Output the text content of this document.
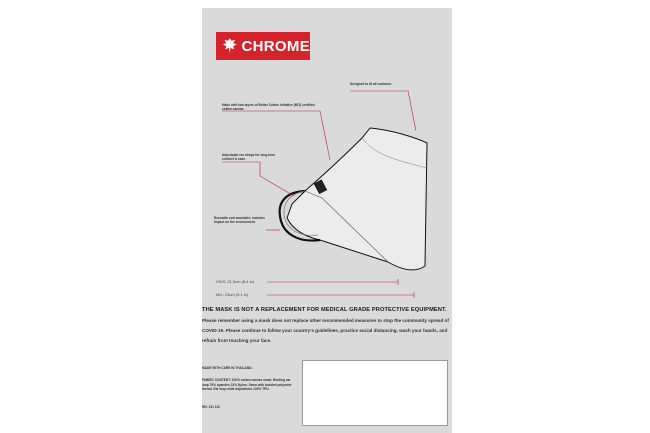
CHROME
Designed to fit all contours.
Made with two layers of Better Cotton Initiative (BCI) certified cotton canvas.
Adjustable ear straps for long-term comfort & ease.
Reusable and washable; includes impact on the environment.
XS/S: 21.5cm (8.4 in)
M/L: 23cm (9.1 in)
THE MASK IS NOT A REPLACEMENT FOR MEDICAL GRADE PROTECTIVE EQUIPMENT.
Please remember using a mask does not replace other recommended measures to stop the community spread of COVID-19. Please continue to follow your country's guidelines, practice social distancing, wash your hands, and refrain from touching your face.
MADE WITH CARE IN THAILAND.
FABRIC CONTENT: 100% cotton canvas mask. Binding ear loop 79% spandex 21% Nylon. Sewn with braided polyester thread. Ear loop slide adjustment 100% TPU.
RN: 131 110
